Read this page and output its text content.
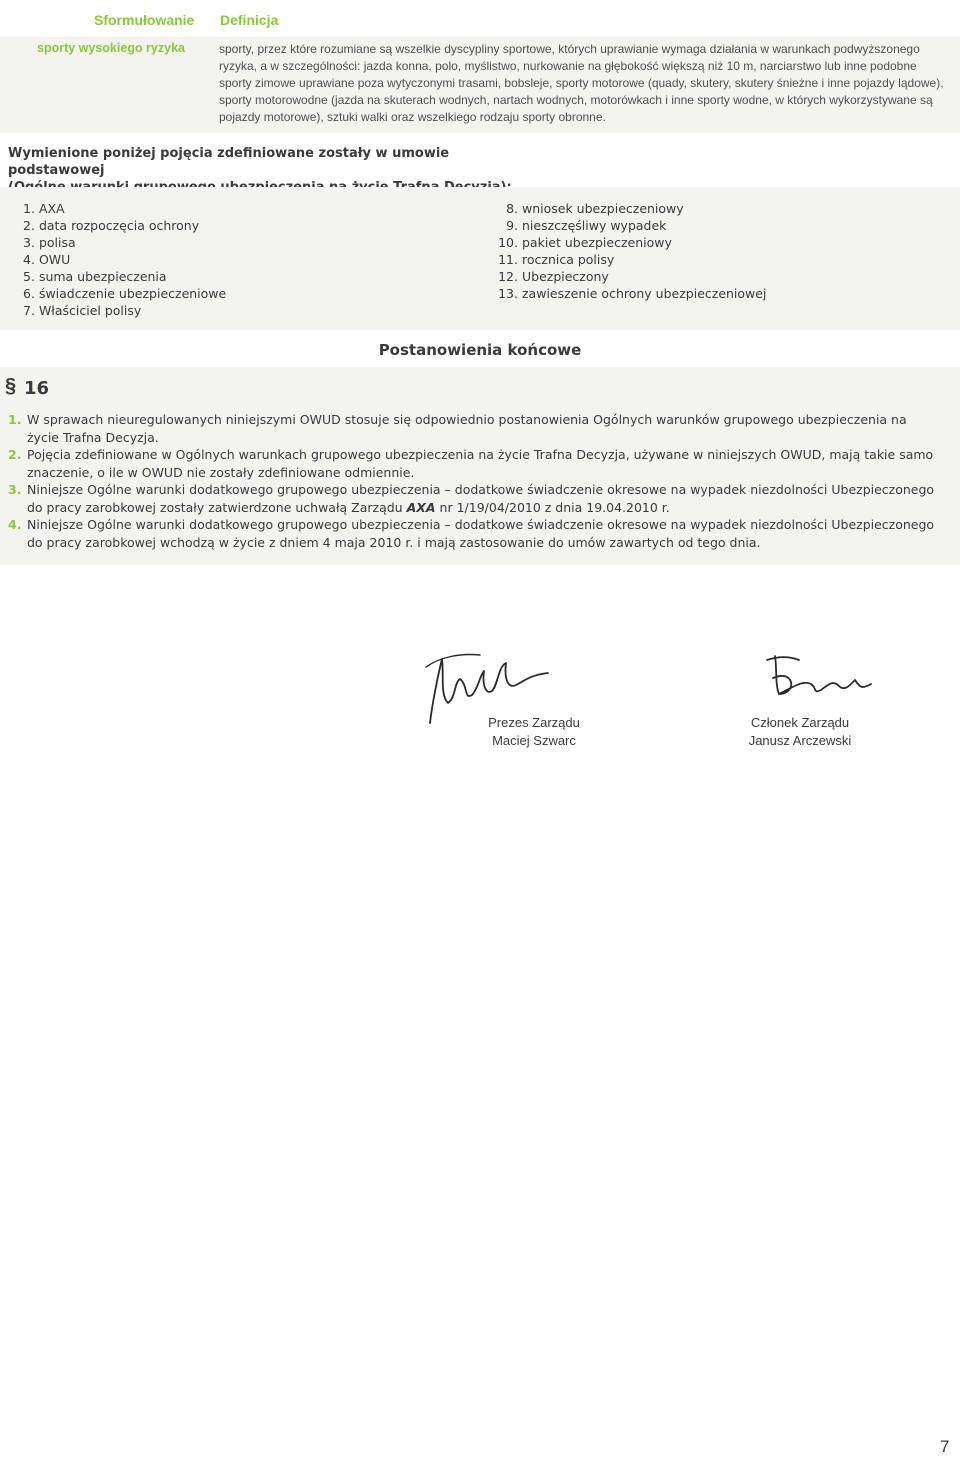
Sformułowanie Definicja
sporty wysokiego ryzyka	sporty, przez które rozumiane są wszelkie dyscypliny sportowe, których uprawianie wymaga działania w warunkach podwyższonego ryzyka, a w szczególności: jazda konna, polo, myślistwo, nurkowanie na głębokość większą niż 10 m, narciarstwo lub inne podobne sporty zimowe uprawiane poza wytyczonymi trasami, bobsleje, sporty motorowe (quady, skutery, skutery śnieżne i inne pojazdy lądowe), sporty motorowodne (jazda na skuterach wodnych, nartach wodnych, motorówkach i inne sporty wodne, w których wykorzystywane są pojazdy motorowe), sztuki walki oraz wszelkiego rodzaju sporty obronne.
Wymienione poniżej pojęcia zdefiniowane zostały w umowie podstawowej
1. AXA
2. data rozpoczęcia ochrony
3. polisa
4. OWU
5. suma ubezpieczenia
6. świadczenie ubezpieczeniowe
7. Właściciel polisy
8. wniosek ubezpieczeniowy
9. nieszczęśliwy wypadek
10. pakiet ubezpieczeniowy
11. rocznica polisy
12. Ubezpieczony
13. zawieszenie ochrony ubezpieczeniowej
Postanowienia końcowe
§ 16
1. W sprawach nieuregulowanych niniejszymi OWUD stosuje się odpowiednio postanowienia Ogólnych warunków grupowego ubezpieczenia na życie Trafna Decyzja.
2. Pojęcia zdefiniowane w Ogólnych warunkach grupowego ubezpieczenia na życie Trafna Decyzja, używane w niniejszych OWUD, mają takie samo znaczenie, o ile w OWUD nie zostały zdefiniowane odmiennie.
3. Niniejsze Ogólne warunki dodatkowego grupowego ubezpieczenia – dodatkowe świadczenie okresowe na wypadek niezdolności Ubezpieczonego do pracy zarobkowej zostały zatwierdzone uchwałą Zarządu AXA nr 1/19/04/2010 z dnia 19.04.2010 r.
4. Niniejsze Ogólne warunki dodatkowego grupowego ubezpieczenia – dodatkowe świadczenie okresowe na wypadek niezdolności Ubezpieczonego do pracy zarobkowej wchodzą w życie z dniem 4 maja 2010 r. i mają zastosowanie do umów zawartych od tego dnia.
Prezes Zarządu
Maciej Szwarc
Członek Zarządu
Janusz Arczewski
7
